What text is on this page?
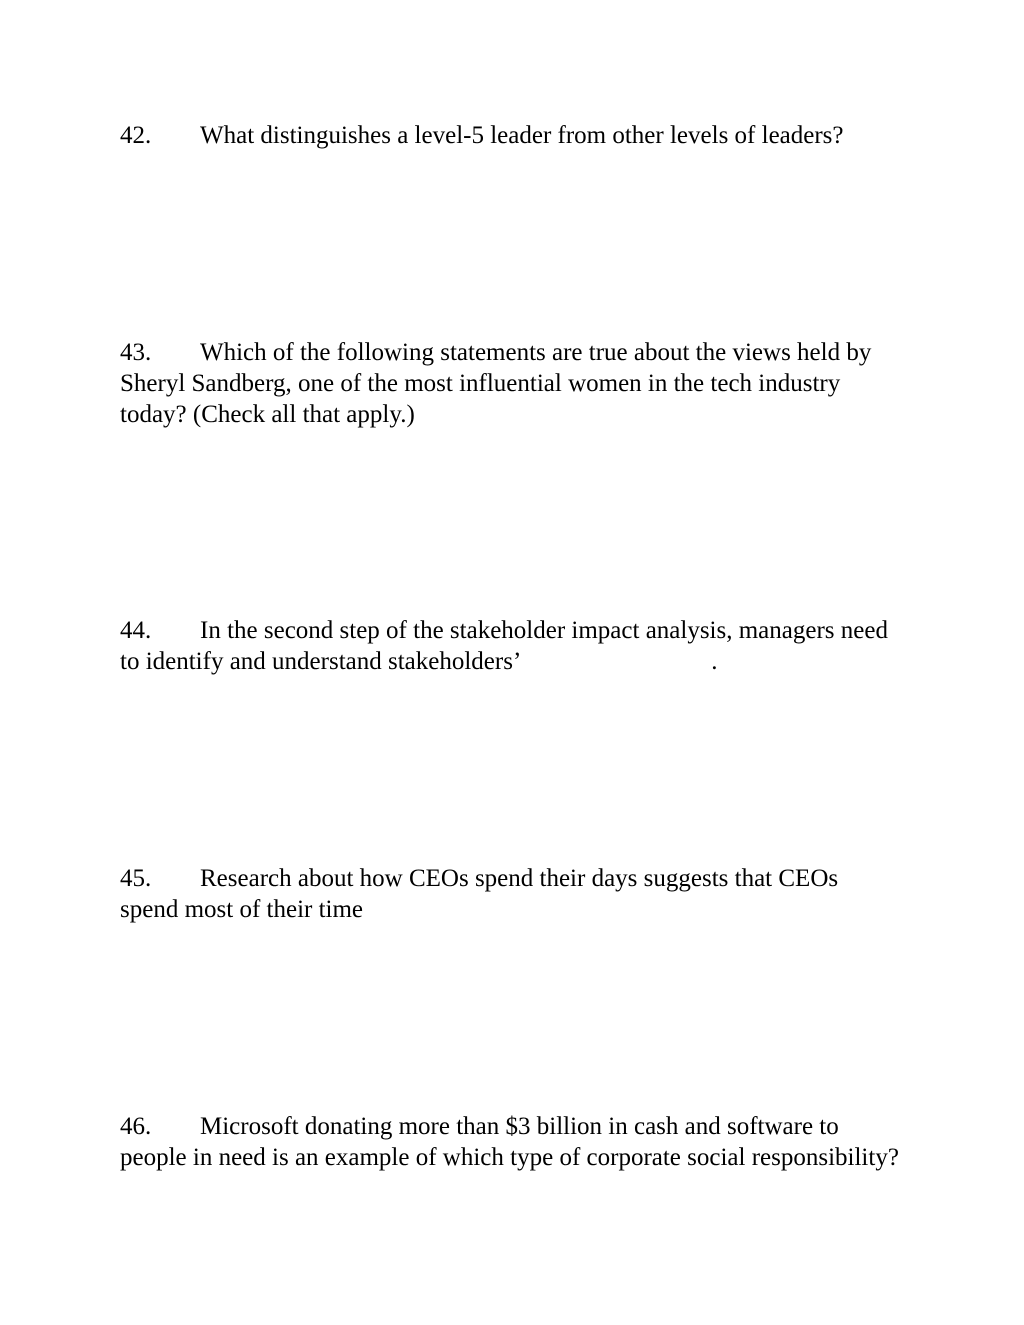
42. What distinguishes a level-5 leader from other levels of leaders?

43. Which of the following statements are true about the views held by Sheryl Sandberg, one of the most influential women in the tech industry today? (Check all that apply.)

44. In the second step of the stakeholder impact analysis, managers need to identify and understand stakeholders’	.

45. Research about how CEOs spend their days suggests that CEOs spend most of their time

46. Microsoft donating more than $3 billion in cash and software to people in need is an example of which type of corporate social responsibility?
